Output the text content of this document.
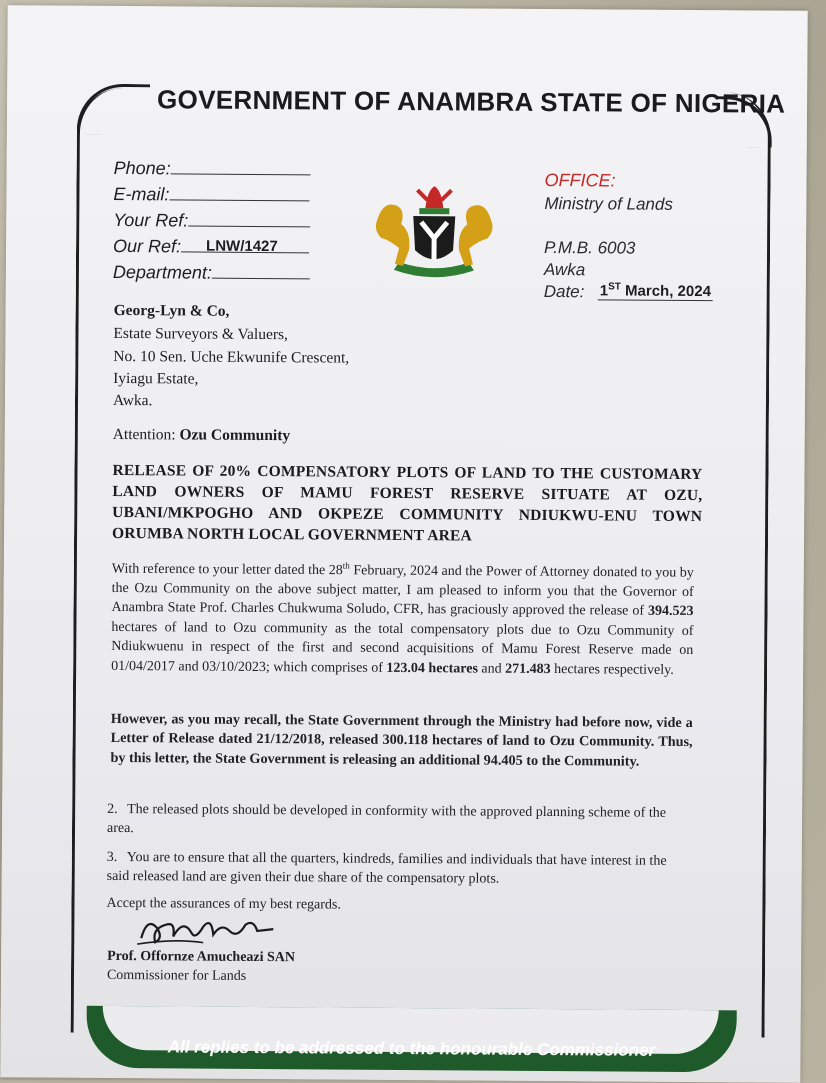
GOVERNMENT OF ANAMBRA STATE OF NIGERIA
Phone:
E-mail:
Your Ref:
Our Ref:	LNW/1427
Department:
OFFICE:
Ministry of Lands
P.M.B. 6003
Awka
Date: 1ST March, 2024
Georg-Lyn & Co,
Estate Surveyors & Valuers,
No. 10 Sen. Uche Ekwunife Crescent,
Iyiagu Estate,
Awka.
Attention: Ozu Community
RELEASE OF 20% COMPENSATORY PLOTS OF LAND TO THE CUSTOMARY LAND OWNERS OF MAMU FOREST RESERVE SITUATE AT OZU, UBANI/MKPOGHO AND OKPEZE COMMUNITY NDIUKWU-ENU TOWN ORUMBA NORTH LOCAL GOVERNMENT AREA
With reference to your letter dated the 28th February, 2024 and the Power of Attorney donated to you by the Ozu Community on the above subject matter, I am pleased to inform you that the Governor of Anambra State Prof. Charles Chukwuma Soludo, CFR, has graciously approved the release of 394.523 hectares of land to Ozu community as the total compensatory plots due to Ozu Community of Ndiukwuenu in respect of the first and second acquisitions of Mamu Forest Reserve made on 01/04/2017 and 03/10/2023; which comprises of 123.04 hectares and 271.483 hectares respectively.
However, as you may recall, the State Government through the Ministry had before now, vide a Letter of Release dated 21/12/2018, released 300.118 hectares of land to Ozu Community. Thus, by this letter, the State Government is releasing an additional 94.405 to the Community.
2. The released plots should be developed in conformity with the approved planning scheme of the area.
3. You are to ensure that all the quarters, kindreds, families and individuals that have interest in the said released land are given their due share of the compensatory plots.
Accept the assurances of my best regards.
Prof. Offornze Amucheazi SAN
Commissioner for Lands
All replies to be addressed to the honourable Commissioner
